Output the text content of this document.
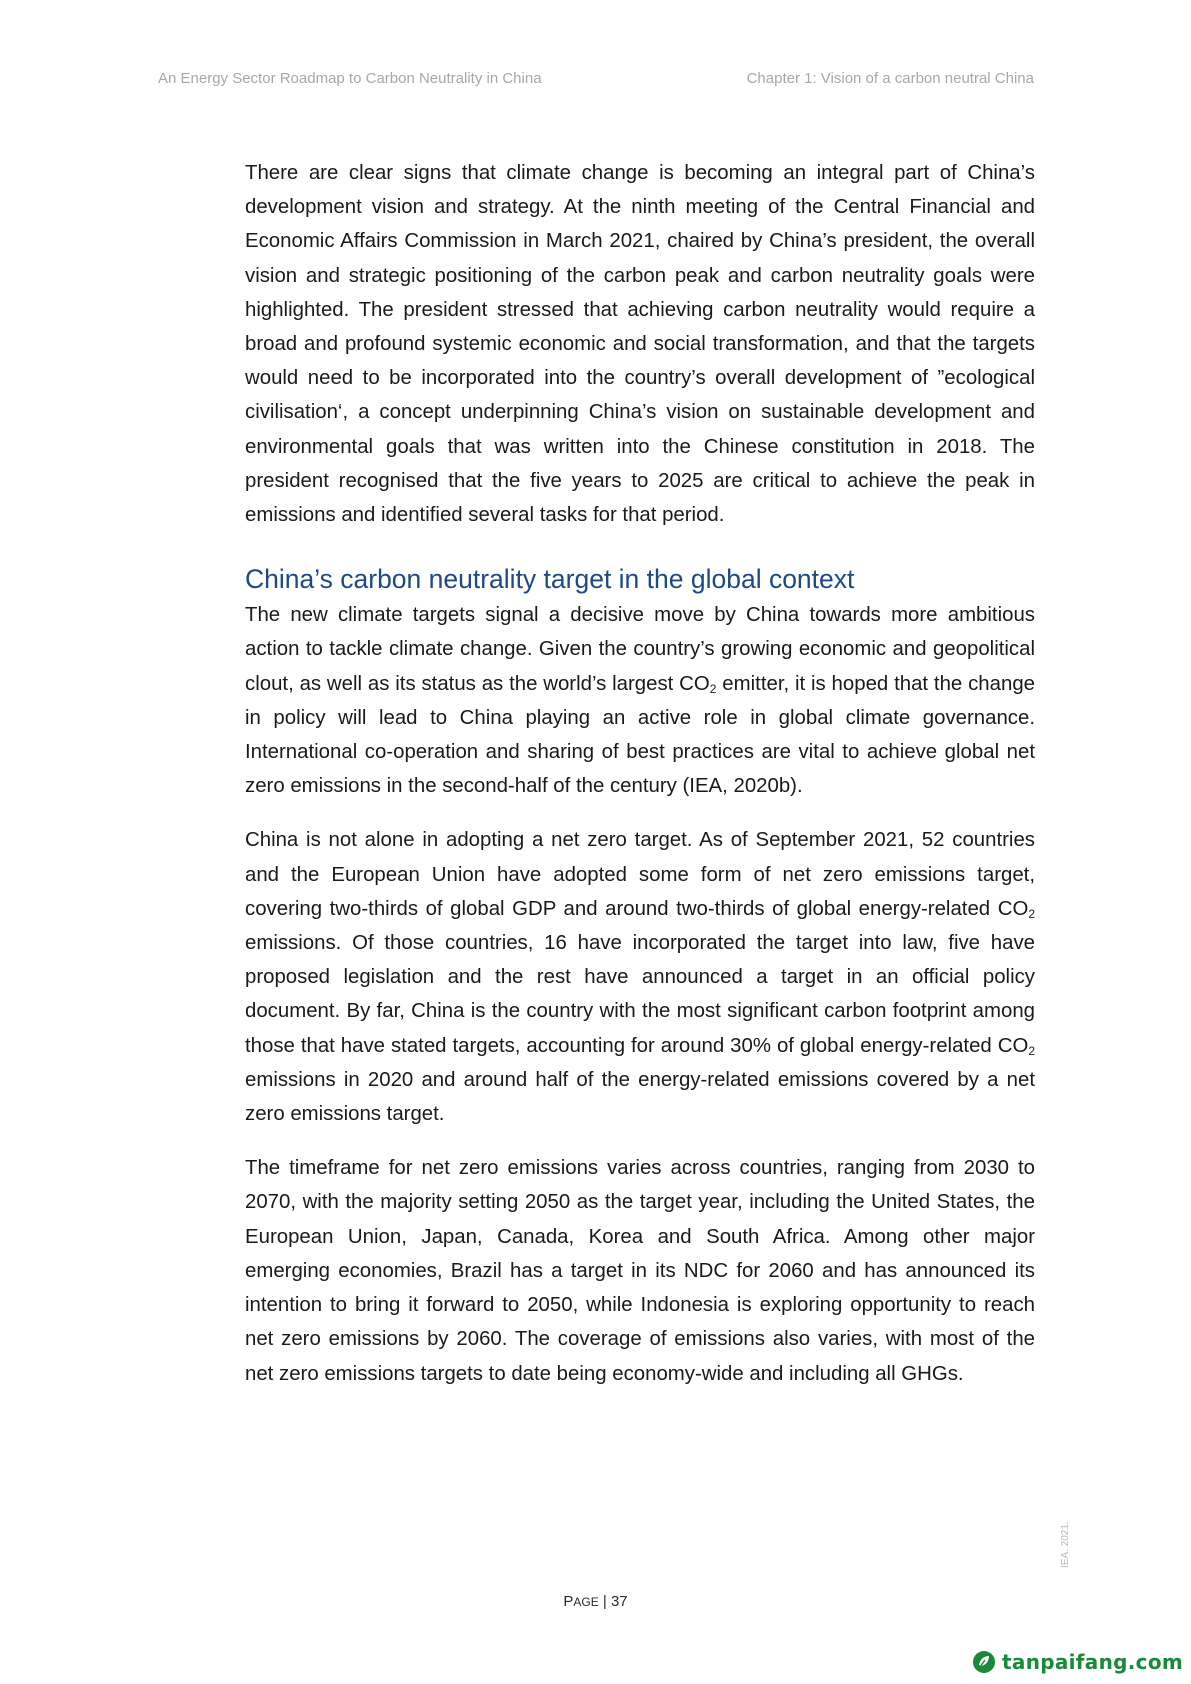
An Energy Sector Roadmap to Carbon Neutrality in China	Chapter 1: Vision of a carbon neutral China

There are clear signs that climate change is becoming an integral part of China’s development vision and strategy. At the ninth meeting of the Central Financial and Economic Affairs Commission in March 2021, chaired by China’s president, the overall vision and strategic positioning of the carbon peak and carbon neutrality goals were highlighted. The president stressed that achieving carbon neutrality would require a broad and profound systemic economic and social transformation, and that the targets would need to be incorporated into the country’s overall development of ”ecological civilisation‘, a concept underpinning China’s vision on sustainable development and environmental goals that was written into the Chinese constitution in 2018. The president recognised that the five years to 2025 are critical to achieve the peak in emissions and identified several tasks for that period.

China’s carbon neutrality target in the global context

The new climate targets signal a decisive move by China towards more ambitious action to tackle climate change. Given the country’s growing economic and geopolitical clout, as well as its status as the world’s largest $CO_2$ emitter, it is hoped that the change in policy will lead to China playing an active role in global climate governance. International co-operation and sharing of best practices are vital to achieve global net zero emissions in the second-half of the century (IEA, 2020b).

China is not alone in adopting a net zero target. As of September 2021, 52 countries and the European Union have adopted some form of net zero emissions target, covering two-thirds of global GDP and around two-thirds of global energy-related $CO_2$ emissions. Of those countries, 16 have incorporated the target into law, five have proposed legislation and the rest have announced a target in an official policy document. By far, China is the country with the most significant carbon footprint among those that have stated targets, accounting for around 30% of global energy-related $CO_2$ emissions in 2020 and around half of the energy-related emissions covered by a net zero emissions target.

The timeframe for net zero emissions varies across countries, ranging from 2030 to 2070, with the majority setting 2050 as the target year, including the United States, the European Union, Japan, Canada, Korea and South Africa. Among other major emerging economies, Brazil has a target in its NDC for 2060 and has announced its intention to bring it forward to 2050, while Indonesia is exploring opportunity to reach net zero emissions by 2060. The coverage of emissions also varies, with most of the net zero emissions targets to date being economy-wide and including all GHGs.

PAGE | 37
IEA. 2021.
tanpaifang.com
